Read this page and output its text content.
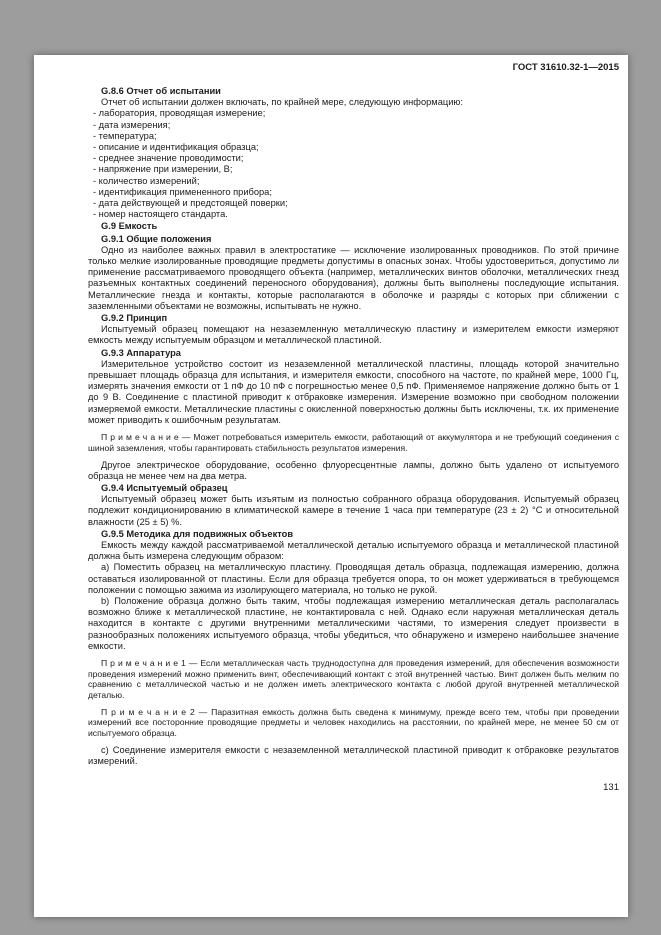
ГОСТ 31610.32-1—2015
G.8.6 Отчет об испытании
Отчет об испытании должен включать, по крайней мере, следующую информацию:
- лаборатория, проводящая измерение;
- дата измерения;
- температура;
- описание и идентификация образца;
- среднее значение проводимости;
- напряжение при измерении, В;
- количество измерений;
- идентификация примененного прибора;
- дата действующей и предстоящей поверки;
- номер настоящего стандарта.
G.9 Емкость
G.9.1 Общие положения
Одно из наиболее важных правил в электростатике — исключение изолированных проводников. По этой причине только мелкие изолированные проводящие предметы допустимы в опасных зонах. Чтобы удостовериться, допустимо ли применение рассматриваемого проводящего объекта (например, металлических винтов оболочки, металлических гнезд разъемных контактных соединений переносного оборудования), должны быть выполнены последующие испытания. Металлические гнезда и контакты, которые располагаются в оболочке и разряды с которых при сближении с заземленными объектами не возможны, испытывать не нужно.
G.9.2 Принцип
Испытуемый образец помещают на незаземленную металлическую пластину и измерителем емкости измеряют емкость между испытуемым образцом и металлической пластиной.
G.9.3 Аппаратура
Измерительное устройство состоит из незаземленной металлической пластины, площадь которой значительно превышает площадь образца для испытания, и измерителя емкости, способного на частоте, по крайней мере, 1000 Гц, измерять значения емкости от 1 пФ до 10 пФ с погрешностью менее 0,5 пФ. Применяемое напряжение должно быть от 1 до 9 В. Соединение с пластиной приводит к отбраковке измерения. Измерение возможно при свободном положении измеряемой емкости. Металлические пластины с окисленной поверхностью должны быть исключены, т.к. их применение может приводить к ошибочным результатам.
П р и м е ч а н и е — Может потребоваться измеритель емкости, работающий от аккумулятора и не требующий соединения с шиной заземления, чтобы гарантировать стабильность результатов измерения.
Другое электрическое оборудование, особенно флуоресцентные лампы, должно быть удалено от испытуемого образца не менее чем на два метра.
G.9.4 Испытуемый образец
Испытуемый образец может быть изъятым из полностью собранного образца оборудования. Испытуемый образец подлежит кондиционированию в климатической камере в течение 1 часа при температуре (23 ± 2) °С и относительной влажности (25 ± 5) %.
G.9.5 Методика для подвижных объектов
Емкость между каждой рассматриваемой металлической деталью испытуемого образца и металлической пластиной должна быть измерена следующим образом:
a) Поместить образец на металлическую пластину. Проводящая деталь образца, подлежащая измерению, должна оставаться изолированной от пластины. Если для образца требуется опора, то он может удерживаться в требующемся положении с помощью зажима из изолирующего материала, но только не рукой.
b) Положение образца должно быть таким, чтобы подлежащая измерению металлическая деталь располагалась возможно ближе к металлической пластине, не контактировала с ней. Однако если наружная металлическая деталь находится в контакте с другими внутренними металлическими частями, то измерения следует произвести в разнообразных положениях испытуемого образца, чтобы убедиться, что обнаружено и измерено наибольшее значение емкости.
П р и м е ч а н и е 1 — Если металлическая часть труднодоступна для проведения измерений, для обеспечения возможности проведения измерений можно применить винт, обеспечивающий контакт с этой внутренней частью. Винт должен быть мелким по сравнению с металлической частью и не должен иметь электрического контакта с любой другой внутренней металлической деталью.
П р и м е ч а н и е 2 — Паразитная емкость должна быть сведена к минимуму, прежде всего тем, чтобы при проведении измерений все посторонние проводящие предметы и человек находились на расстоянии, по крайней мере, не менее 50 см от испытуемого образца.
c) Соединение измерителя емкости с незаземленной металлической пластиной приводит к отбраковке результатов измерений.
131
